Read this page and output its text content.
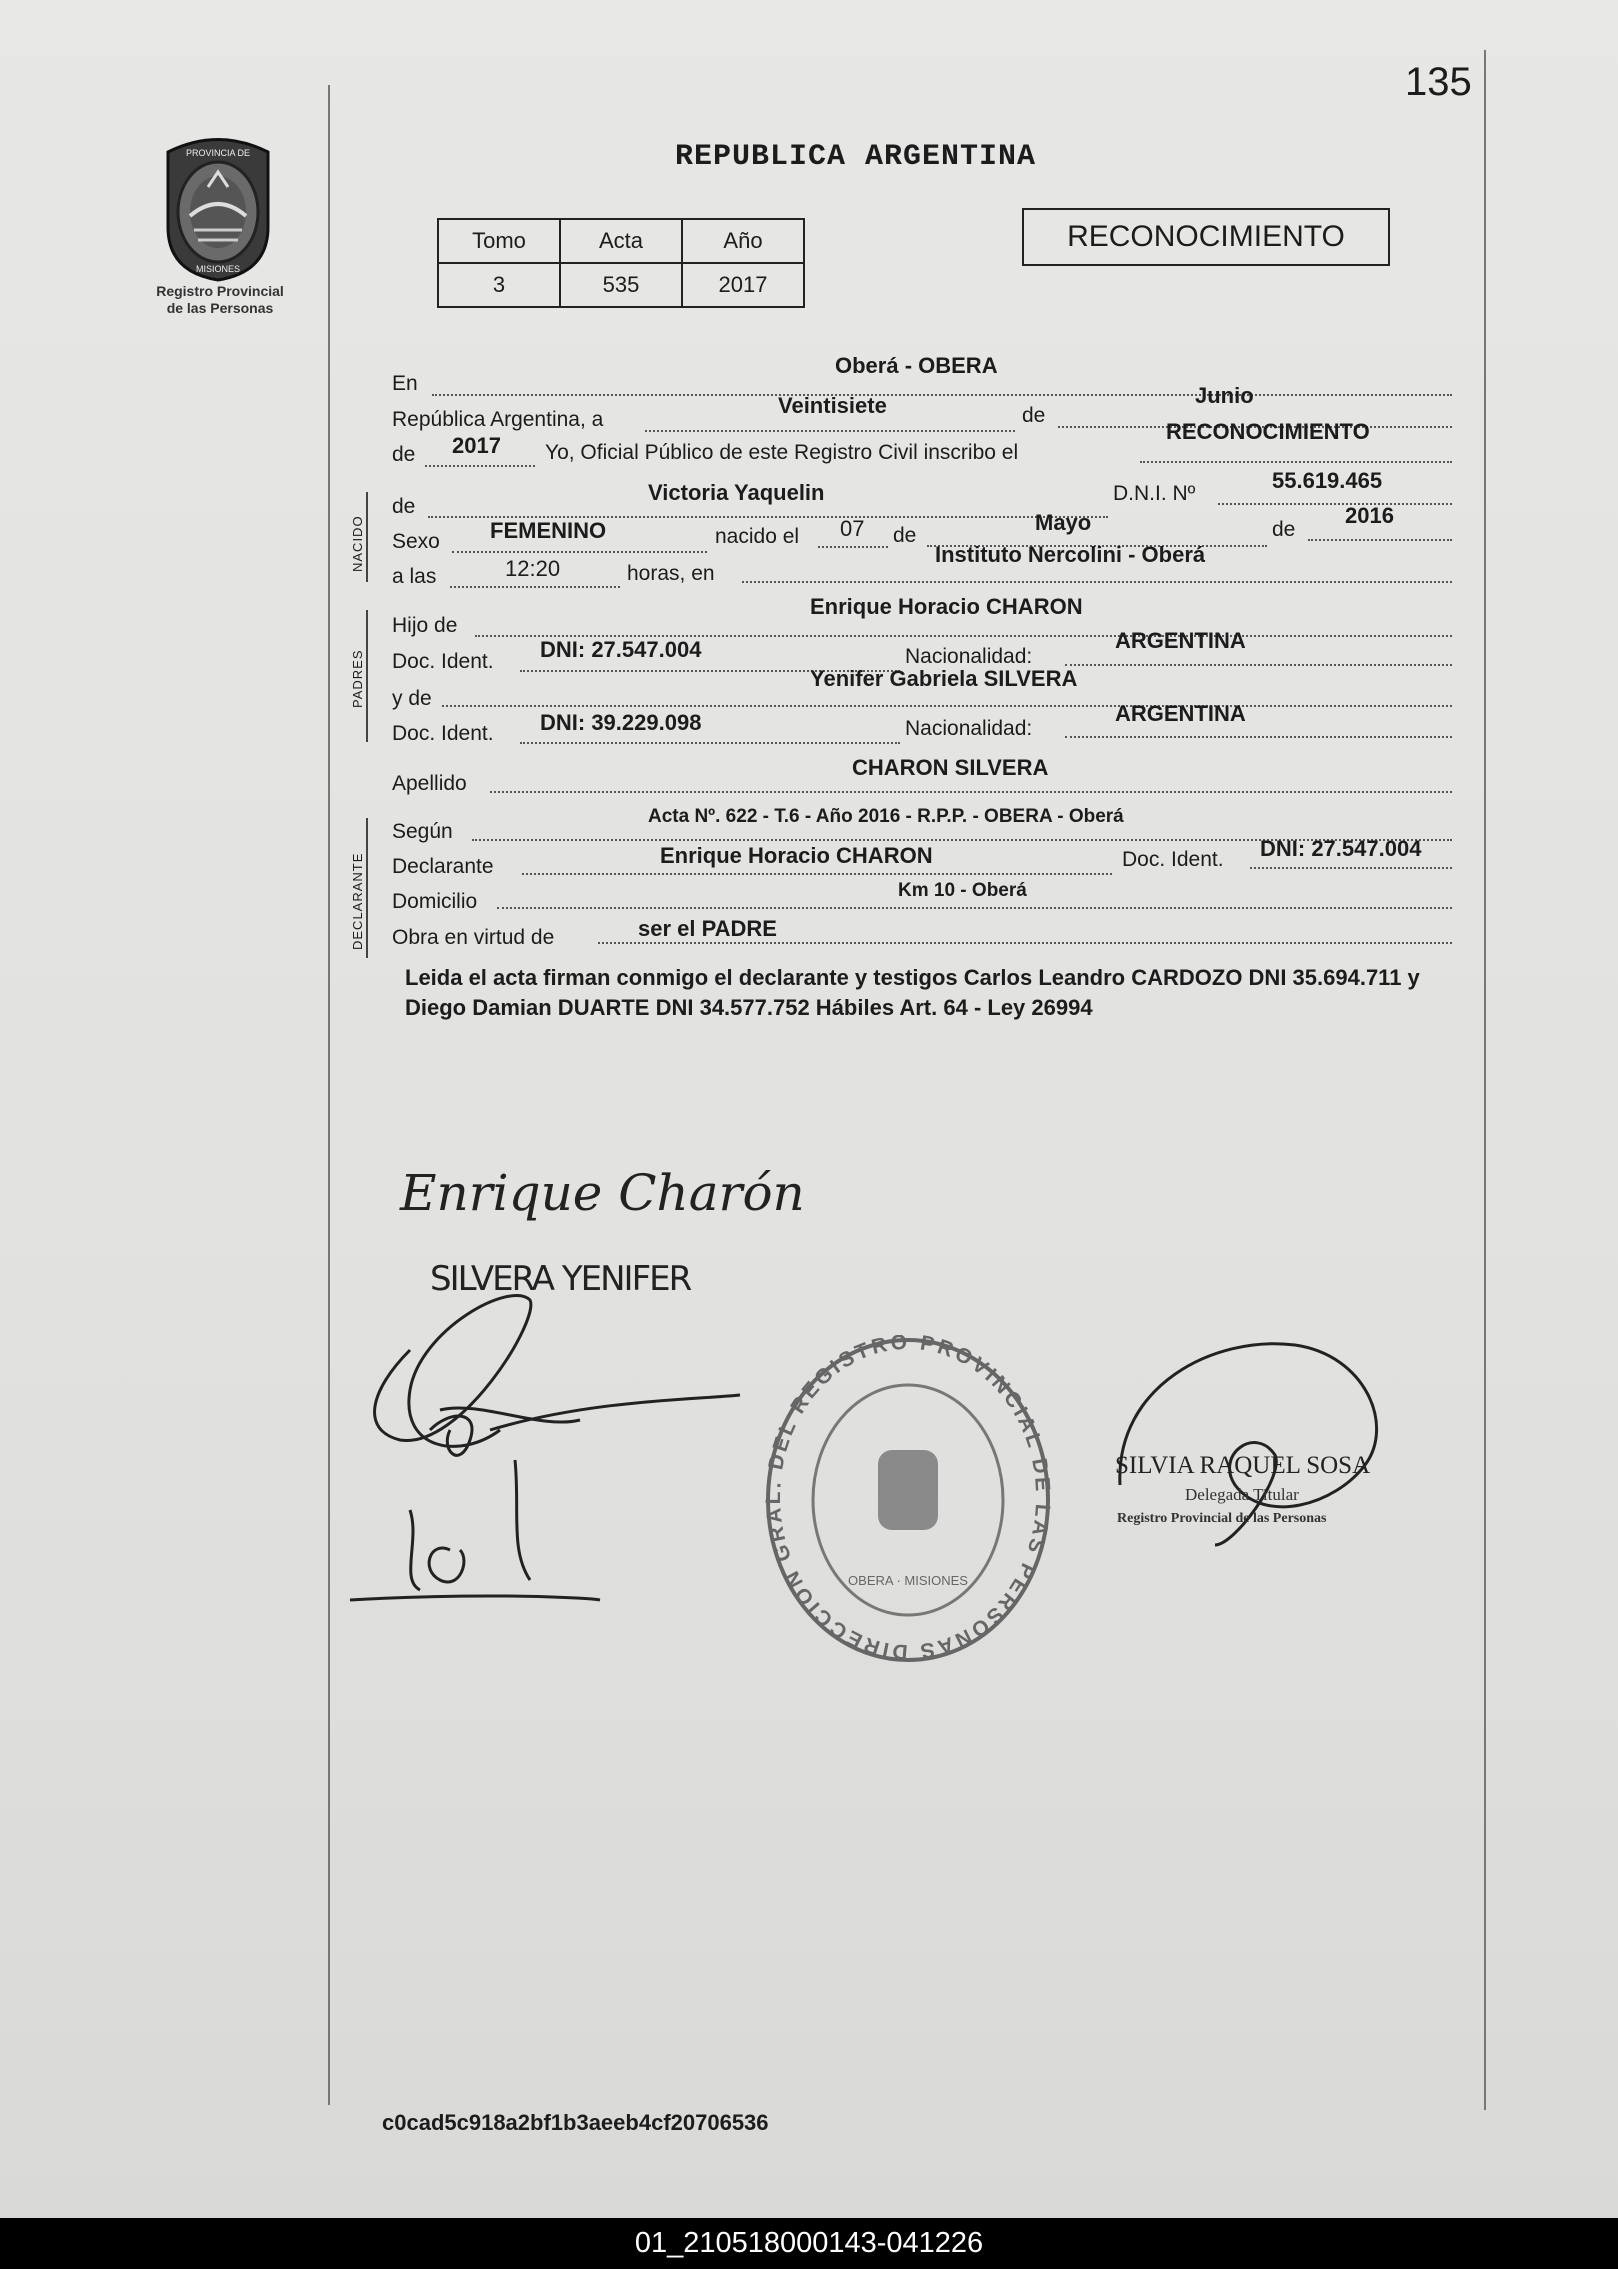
135
PROVINCIA DE
MISIONES
Registro Provincial
de las Personas
REPUBLICA ARGENTINA
Tomo	Acta	Año
3	535	2017
RECONOCIMIENTO
En
Oberá - OBERA
República Argentina, a
Veintisiete	de
Junio
de 2017 Yo, Oficial Público de este Registro Civil inscribo el
RECONOCIMIENTO
NACIDO
de
Victoria Yaquelin	D.N.I. Nº
55.619.465
Sexo FEMENINO	nacido el 07 de
Mayo	de
2016
a las	12:20	horas, en
Instituto Nercolini - Oberá
PADRES
Hijo de
Enrique Horacio CHARON
Doc. Ident. DNI: 27.547.004	Nacionalidad:
ARGENTINA
y de
Yenifer Gabriela SILVERA
Doc. Ident. DNI: 39.229.098	Nacionalidad:
ARGENTINA
Apellido
CHARON SILVERA
DECLARANTE
Según
Acta Nº. 622 - T.6 - Año 2016 - R.P.P. - OBERA - Oberá
Declarante	Enrique Horacio CHARON	Doc. Ident. DNI: 27.547.004
Domicilio	Km 10 - Oberá
Obra en virtud de	ser el PADRE
Leida el acta firman conmigo el declarante y testigos Carlos Leandro CARDOZO DNI 35.694.711 y Diego Damian DUARTE DNI 34.577.752 Hábiles Art. 64 - Ley 26994
Enrique Charón
SILVERA YENIFER
DIRECCION GRAL. DEL REGISTRO PROVINCIAL DE LAS PERSONAS
OBERA · MISIONES
SILVIA RAQUEL SOSA
Delegada Titular
Registro Provincial de las Personas
c0cad5c918a2bf1b3aeeb4cf20706536
01_210518000143-041226
